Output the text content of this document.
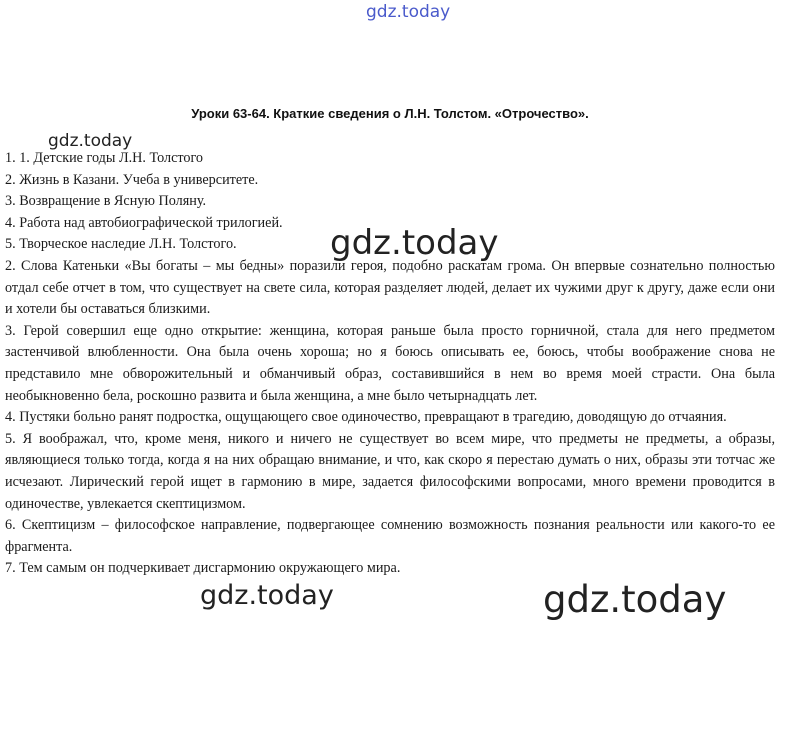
gdz.today
gdz.today
gdz.today
gdz.today	gdz.today
Уроки 63-64. Краткие сведения о Л.Н. Толстом. «Отрочество».
1. 1. Детские годы Л.Н. Толстого
2. Жизнь в Казани. Учеба в университете.
3. Возвращение в Ясную Поляну.
4. Работа над автобиографической трилогией.
5. Творческое наследие Л.Н. Толстого.
2. Слова Катеньки «Вы богаты – мы бедны» поразили героя, подобно раскатам грома. Он впервые сознательно полностью отдал себе отчет в том, что существует на свете сила, которая разделяет людей, делает их чужими друг к другу, даже если они и хотели бы оставаться близкими.
3. Герой совершил еще одно открытие: женщина, которая раньше была просто горничной, стала для него предметом застенчивой влюбленности. Она была очень хороша; но я боюсь описывать ее, боюсь, чтобы воображение снова не представило мне обворожительный и обманчивый образ, составившийся в нем во время моей страсти. Она была необыкновенно бела, роскошно развита и была женщина, а мне было четырнадцать лет.
4. Пустяки больно ранят подростка, ощущающего свое одиночество, превращают в трагедию, доводящую до отчаяния.
5. Я воображал, что, кроме меня, никого и ничего не существует во всем мире, что предметы не предметы, а образы, являющиеся только тогда, когда я на них обращаю внимание, и что, как скоро я перестаю думать о них, образы эти тотчас же исчезают. Лирический герой ищет в гармонию в мире, задается философскими вопросами, много времени проводится в одиночестве, увлекается скептицизмом.
6. Скептицизм – философское направление, подвергающее сомнению возможность познания реальности или какого-то ее фрагмента.
7. Тем самым он подчеркивает дисгармонию окружающего мира.
